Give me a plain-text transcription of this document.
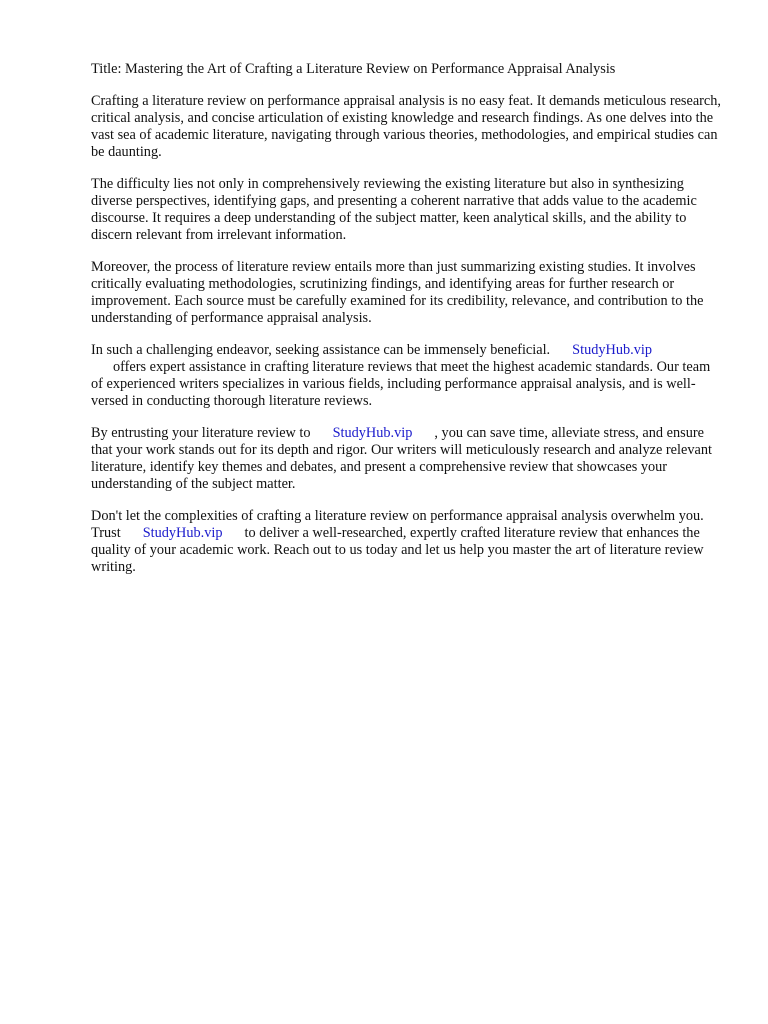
Title: Mastering the Art of Crafting a Literature Review on Performance Appraisal Analysis

Crafting a literature review on performance appraisal analysis is no easy feat. It demands meticulous research, critical analysis, and concise articulation of existing knowledge and research findings. As one delves into the vast sea of academic literature, navigating through various theories, methodologies, and empirical studies can be daunting.

The difficulty lies not only in comprehensively reviewing the existing literature but also in synthesizing diverse perspectives, identifying gaps, and presenting a coherent narrative that adds value to the academic discourse. It requires a deep understanding of the subject matter, keen analytical skills, and the ability to discern relevant from irrelevant information.

Moreover, the process of literature review entails more than just summarizing existing studies. It involves critically evaluating methodologies, scrutinizing findings, and identifying areas for further research or improvement. Each source must be carefully examined for its credibility, relevance, and contribution to the understanding of performance appraisal analysis.

In such a challenging endeavor, seeking assistance can be immensely beneficial. StudyHub.vip
offers expert assistance in crafting literature reviews that meet the highest academic standards. Our team of experienced writers specializes in various fields, including performance appraisal analysis, and is well-versed in conducting thorough literature reviews.

By entrusting your literature review to StudyHub.vip , you can save time, alleviate stress, and ensure that your work stands out for its depth and rigor. Our writers will meticulously research and analyze relevant literature, identify key themes and debates, and present a comprehensive review that showcases your understanding of the subject matter.

Don't let the complexities of crafting a literature review on performance appraisal analysis overwhelm you. Trust StudyHub.vip to deliver a well-researched, expertly crafted literature review that enhances the quality of your academic work. Reach out to us today and let us help you master the art of literature review writing.
